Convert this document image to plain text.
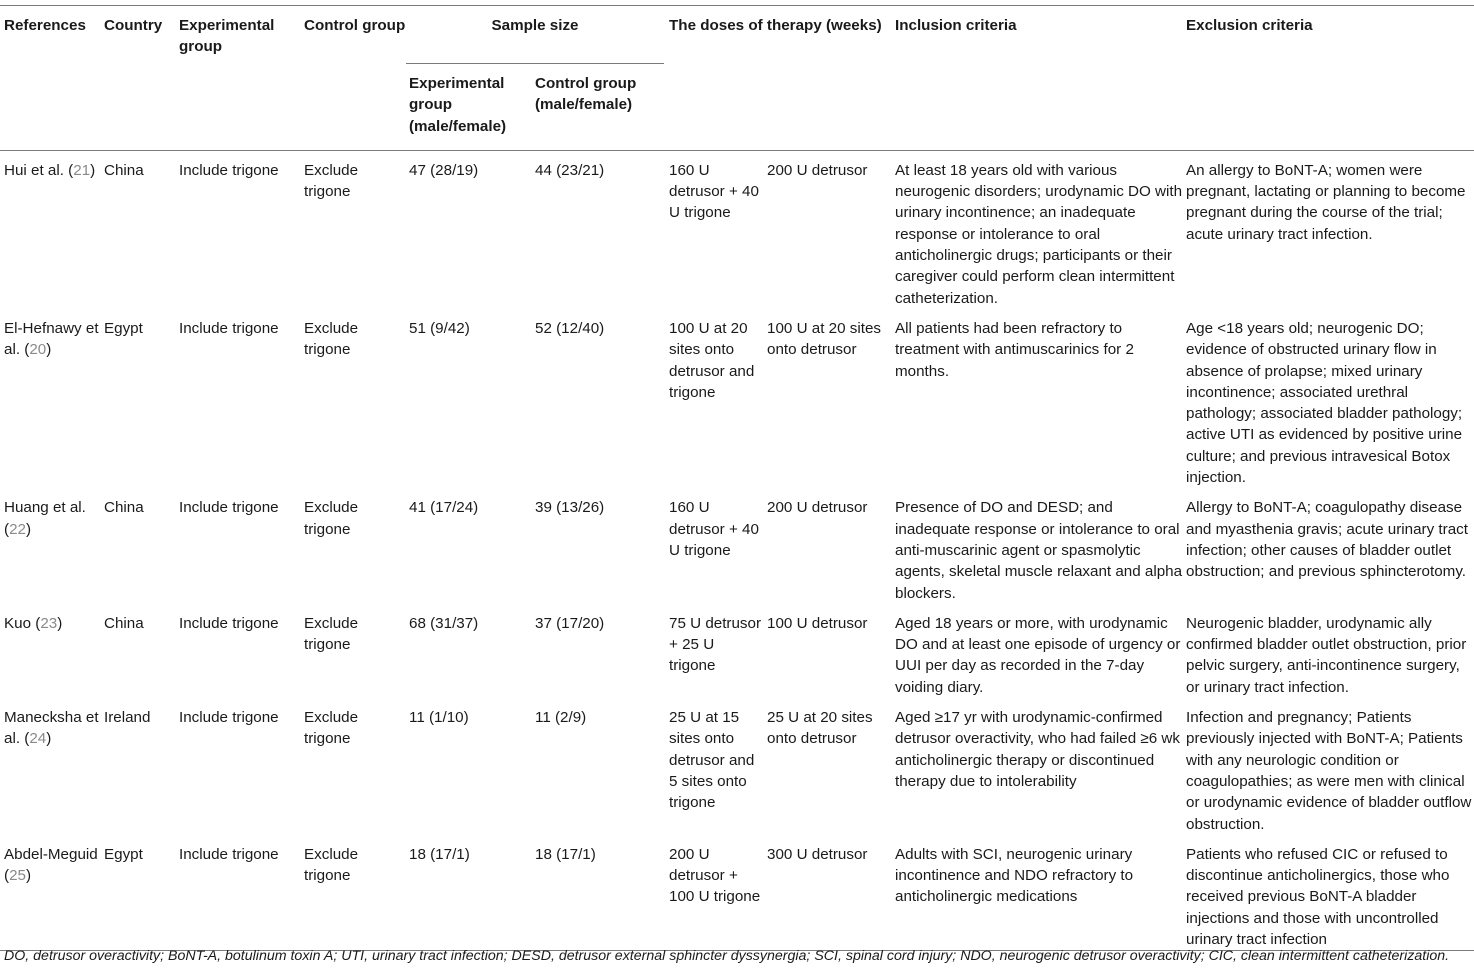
References	Country	Experimental group	Control group	Sample size		The doses of therapy (weeks)		Inclusion criteria	Exclusion criteria
				Experimental group (male/female)	Control group (male/female)				

Hui et al. (21)	China	Include trigone	Exclude trigone	47 (28/19)	44 (23/21)	160 U detrusor + 40 U trigone	200 U detrusor	At least 18 years old with various neurogenic disorders; urodynamic DO with urinary incontinence; an inadequate response or intolerance to oral anticholinergic drugs; participants or their caregiver could perform clean intermittent catheterization.	An allergy to BoNT-A; women were pregnant, lactating or planning to become pregnant during the course of the trial; acute urinary tract infection.
El-Hefnawy et al. (20)	Egypt	Include trigone	Exclude trigone	51 (9/42)	52 (12/40)	100 U at 20 sites onto detrusor and trigone	100 U at 20 sites onto detrusor	All patients had been refractory to treatment with antimuscarinics for 2 months.	Age <18 years old; neurogenic DO; evidence of obstructed urinary flow in absence of prolapse; mixed urinary incontinence; associated urethral pathology; associated bladder pathology; active UTI as evidenced by positive urine culture; and previous intravesical Botox injection.
Huang et al. (22)	China	Include trigone	Exclude trigone	41 (17/24)	39 (13/26)	160 U detrusor + 40 U trigone	200 U detrusor	Presence of DO and DESD; and inadequate response or intolerance to oral anti-muscarinic agent or spasmolytic agents, skeletal muscle relaxant and alpha blockers.	Allergy to BoNT-A; coagulopathy disease and myasthenia gravis; acute urinary tract infection; other causes of bladder outlet obstruction; and previous sphincterotomy.
Kuo (23)	China	Include trigone	Exclude trigone	68 (31/37)	37 (17/20)	75 U detrusor + 25 U trigone	100 U detrusor	Aged 18 years or more, with urodynamic DO and at least one episode of urgency or UUI per day as recorded in the 7-day voiding diary.	Neurogenic bladder, urodynamic ally confirmed bladder outlet obstruction, prior pelvic surgery, anti-incontinence surgery, or urinary tract infection.
Manecksha et al. (24)	Ireland	Include trigone	Exclude trigone	11 (1/10)	11 (2/9)	25 U at 15 sites onto detrusor and 5 sites onto trigone	25 U at 20 sites onto detrusor	Aged ≥17 yr with urodynamic-confirmed detrusor overactivity, who had failed ≥6 wk anticholinergic therapy or discontinued therapy due to intolerability	Infection and pregnancy; Patients previously injected with BoNT-A; Patients with any neurologic condition or coagulopathies; as were men with clinical or urodynamic evidence of bladder outflow obstruction.
Abdel-Meguid (25)	Egypt	Include trigone	Exclude trigone	18 (17/1)	18 (17/1)	200 U detrusor + 100 U trigone	300 U detrusor	Adults with SCI, neurogenic urinary incontinence and NDO refractory to anticholinergic medications	Patients who refused CIC or refused to discontinue anticholinergics, those who received previous BoNT-A bladder injections and those with uncontrolled urinary tract infection

DO, detrusor overactivity; BoNT-A, botulinum toxin A; UTI, urinary tract infection; DESD, detrusor external sphincter dyssynergia; SCI, spinal cord injury; NDO, neurogenic detrusor overactivity; CIC, clean intermittent catheterization.
